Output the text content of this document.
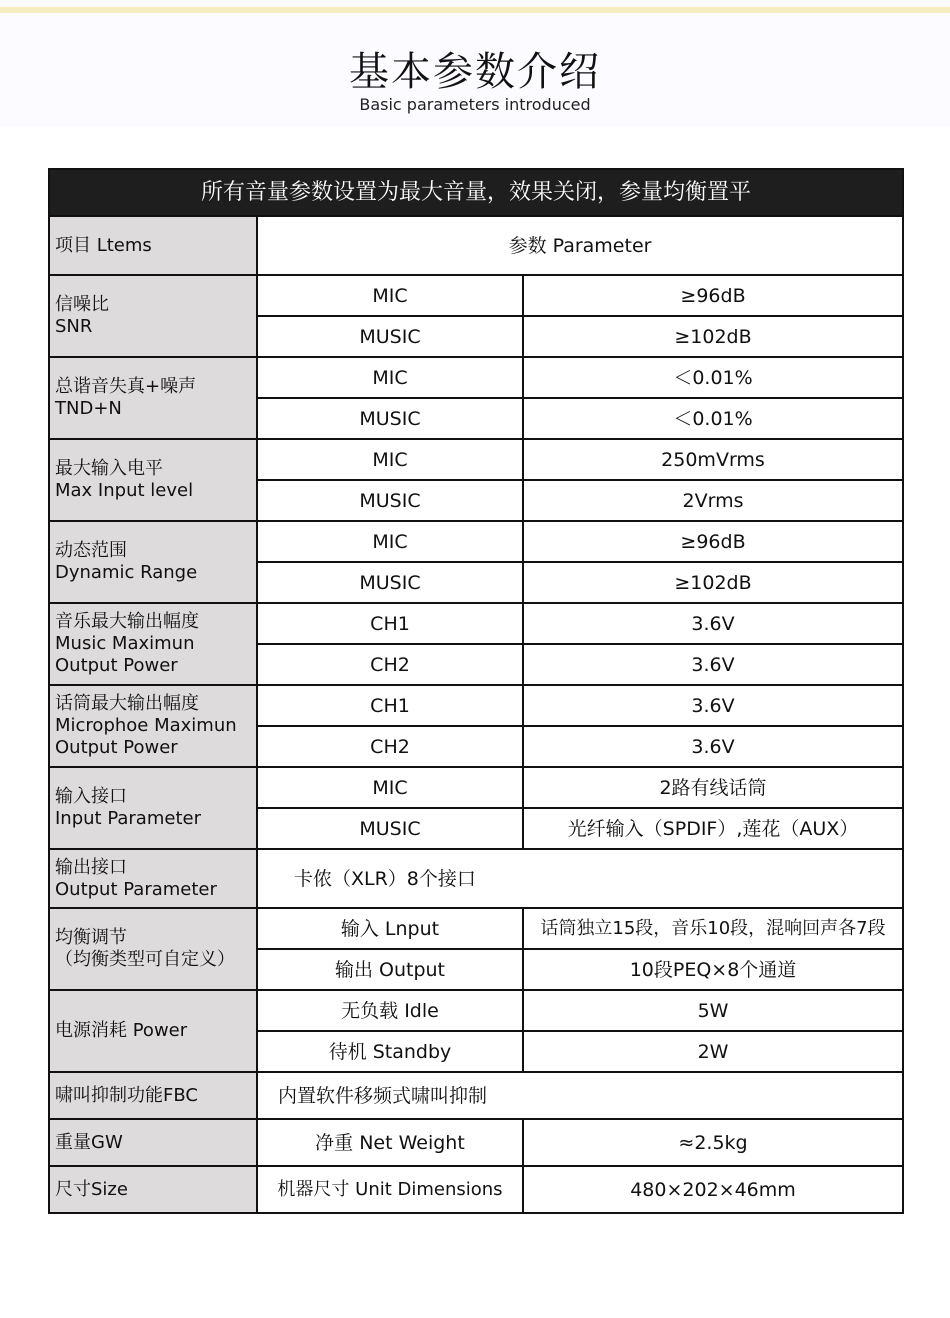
基本参数介绍
Basic parameters introduced
所有音量参数设置为最大音量，效果关闭，参量均衡置平		
项目 Ltems	参数 Parameter	
信噪比
SNR	MIC	≥96dB
	MUSIC	≥102dB
总谐音失真+噪声
TND+N	MIC	＜0.01%
	MUSIC	＜0.01%
最大输入电平
Max Input level	MIC	250mVrms
	MUSIC	2Vrms
动态范围
Dynamic Range	MIC	≥96dB
	MUSIC	≥102dB
音乐最大输出幅度
Music Maximun
Output Power	CH1	3.6V
	CH2	3.6V
话筒最大输出幅度
Microphoe Maximun
Output Power	CH1	3.6V
	CH2	3.6V
输入接口
Input Parameter	MIC	2路有线话筒
	MUSIC	光纤输入（SPDIF）,莲花（AUX）
输出接口
Output Parameter	卡侬（XLR）8个接口	
均衡调节
（均衡类型可自定义）	输入 Lnput	话筒独立15段，音乐10段，混响回声各7段
	输出 Output	10段PEQ×8个通道
电源消耗 Power	无负载 Idle	5W
	待机 Standby	2W
啸叫抑制功能FBC	内置软件移频式啸叫抑制	
重量GW	净重 Net Weight	≈2.5kg
尺寸Size	机器尺寸 Unit Dimensions	480×202×46mm
